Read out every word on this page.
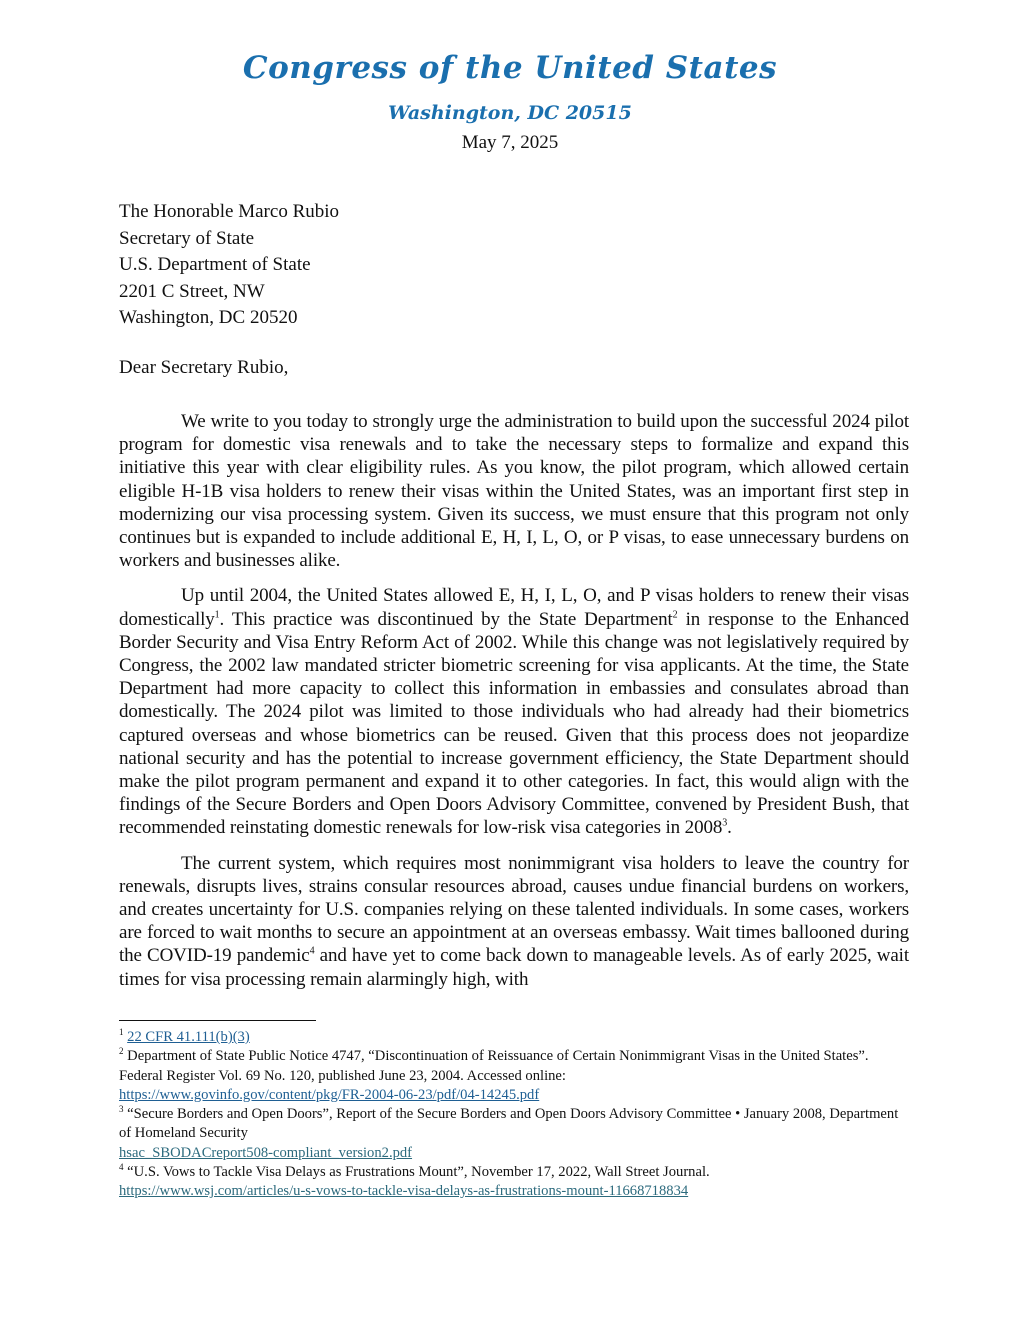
Congress of the United States
Washington, DC 20515
May 7, 2025
The Honorable Marco Rubio
Secretary of State
U.S. Department of State
2201 C Street, NW
Washington, DC 20520
Dear Secretary Rubio,

We write to you today to strongly urge the administration to build upon the successful 2024 pilot program for domestic visa renewals and to take the necessary steps to formalize and expand this initiative this year with clear eligibility rules. As you know, the pilot program, which allowed certain eligible H-1B visa holders to renew their visas within the United States, was an important first step in modernizing our visa processing system. Given its success, we must ensure that this program not only continues but is expanded to include additional E, H, I, L, O, or P visas, to ease unnecessary burdens on workers and businesses alike.

Up until 2004, the United States allowed E, H, I, L, O, and P visas holders to renew their visas domestically$^1$. This practice was discontinued by the State Department$^2$ in response to the Enhanced Border Security and Visa Entry Reform Act of 2002. While this change was not legislatively required by Congress, the 2002 law mandated stricter biometric screening for visa applicants. At the time, the State Department had more capacity to collect this information in embassies and consulates abroad than domestically. The 2024 pilot was limited to those individuals who had already had their biometrics captured overseas and whose biometrics can be reused. Given that this process does not jeopardize national security and has the potential to increase government efficiency, the State Department should make the pilot program permanent and expand it to other categories. In fact, this would align with the findings of the Secure Borders and Open Doors Advisory Committee, convened by President Bush, that recommended reinstating domestic renewals for low-risk visa categories in 2008$^3$.

The current system, which requires most nonimmigrant visa holders to leave the country for renewals, disrupts lives, strains consular resources abroad, causes undue financial burdens on workers, and creates uncertainty for U.S. companies relying on these talented individuals. In some cases, workers are forced to wait months to secure an appointment at an overseas embassy. Wait times ballooned during the COVID-19 pandemic$^4$ and have yet to come back down to manageable levels. As of early 2025, wait times for visa processing remain alarmingly high, with

$^1$ 22 CFR 41.111(b)(3)
$^2$ Department of State Public Notice 4747, “Discontinuation of Reissuance of Certain Nonimmigrant Visas in the United States”. Federal Register Vol. 69 No. 120, published June 23, 2004. Accessed online:
https://www.govinfo.gov/content/pkg/FR-2004-06-23/pdf/04-14245.pdf
$^3$ “Secure Borders and Open Doors”, Report of the Secure Borders and Open Doors Advisory Committee • January 2008, Department of Homeland Security
hsac_SBODACreport508-compliant_version2.pdf
$^4$ “U.S. Vows to Tackle Visa Delays as Frustrations Mount”, November 17, 2022, Wall Street Journal.
https://www.wsj.com/articles/u-s-vows-to-tackle-visa-delays-as-frustrations-mount-11668718834
